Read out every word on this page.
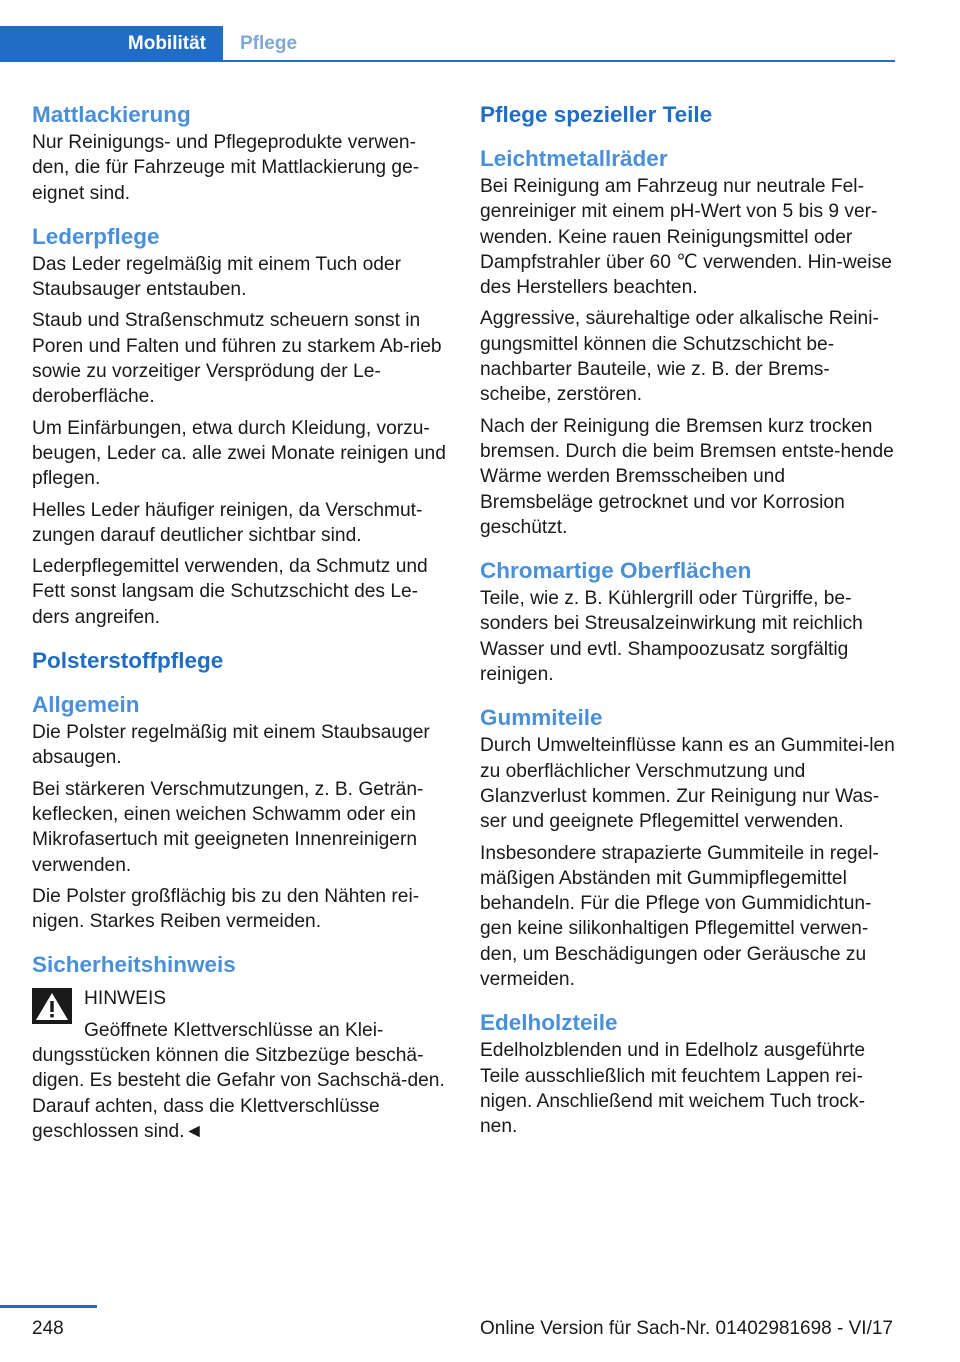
Mobilität	Pflege
Mattlackierung

Nur Reinigungs- und Pflegeprodukte verwen-den, die für Fahrzeuge mit Mattlackierung ge-eignet sind.

Lederpflege

Das Leder regelmäßig mit einem Tuch oder Staubsauger entstauben.

Staub und Straßenschmutz scheuern sonst in Poren und Falten und führen zu starkem Ab-rieb sowie zu vorzeitiger Versprödung der Le-deroberfläche.

Um Einfärbungen, etwa durch Kleidung, vorzu-beugen, Leder ca. alle zwei Monate reinigen und pflegen.

Helles Leder häufiger reinigen, da Verschmut-zungen darauf deutlicher sichtbar sind.

Lederpflegemittel verwenden, da Schmutz und Fett sonst langsam die Schutzschicht des Le-ders angreifen.

Polsterstoffpflege
Allgemein

Die Polster regelmäßig mit einem Staubsauger absaugen.

Bei stärkeren Verschmutzungen, z. B. Geträn-keflecken, einen weichen Schwamm oder ein Mikrofasertuch mit geeigneten Innenreinigern verwenden.

Die Polster großflächig bis zu den Nähten rei-nigen. Starkes Reiben vermeiden.

Sicherheitshinweis
HINWEIS
Geöffnete Klettverschlüsse an Klei-dungsstücken können die Sitzbezüge beschä-digen. Es besteht die Gefahr von Sachschä-den. Darauf achten, dass die Klettverschlüsse geschlossen sind.◄
Pflege spezieller Teile
Leichtmetallräder

Bei Reinigung am Fahrzeug nur neutrale Fel-genreiniger mit einem pH-Wert von 5 bis 9 ver-wenden. Keine rauen Reinigungsmittel oder Dampfstrahler über 60 ℃ verwenden. Hin-weise des Herstellers beachten.

Aggressive, säurehaltige oder alkalische Reini-gungsmittel können die Schutzschicht be-nachbarter Bauteile, wie z. B. der Brems-scheibe, zerstören.

Nach der Reinigung die Bremsen kurz trocken bremsen. Durch die beim Bremsen entste-hende Wärme werden Bremsscheiben und Bremsbeläge getrocknet und vor Korrosion geschützt.

Chromartige Oberflächen

Teile, wie z. B. Kühlergrill oder Türgriffe, be-sonders bei Streusalzeinwirkung mit reichlich Wasser und evtl. Shampoozusatz sorgfältig reinigen.

Gummiteile

Durch Umwelteinflüsse kann es an Gummitei-len zu oberflächlicher Verschmutzung und Glanzverlust kommen. Zur Reinigung nur Was-ser und geeignete Pflegemittel verwenden.

Insbesondere strapazierte Gummiteile in regel-mäßigen Abständen mit Gummipflegemittel behandeln. Für die Pflege von Gummidichtun-gen keine silikonhaltigen Pflegemittel verwen-den, um Beschädigungen oder Geräusche zu vermeiden.

Edelholzteile

Edelholzblenden und in Edelholz ausgeführte Teile ausschließlich mit feuchtem Lappen rei-nigen. Anschließend mit weichem Tuch trock-nen.

248	Online Version für Sach-Nr. 01402981698 - VI/17
